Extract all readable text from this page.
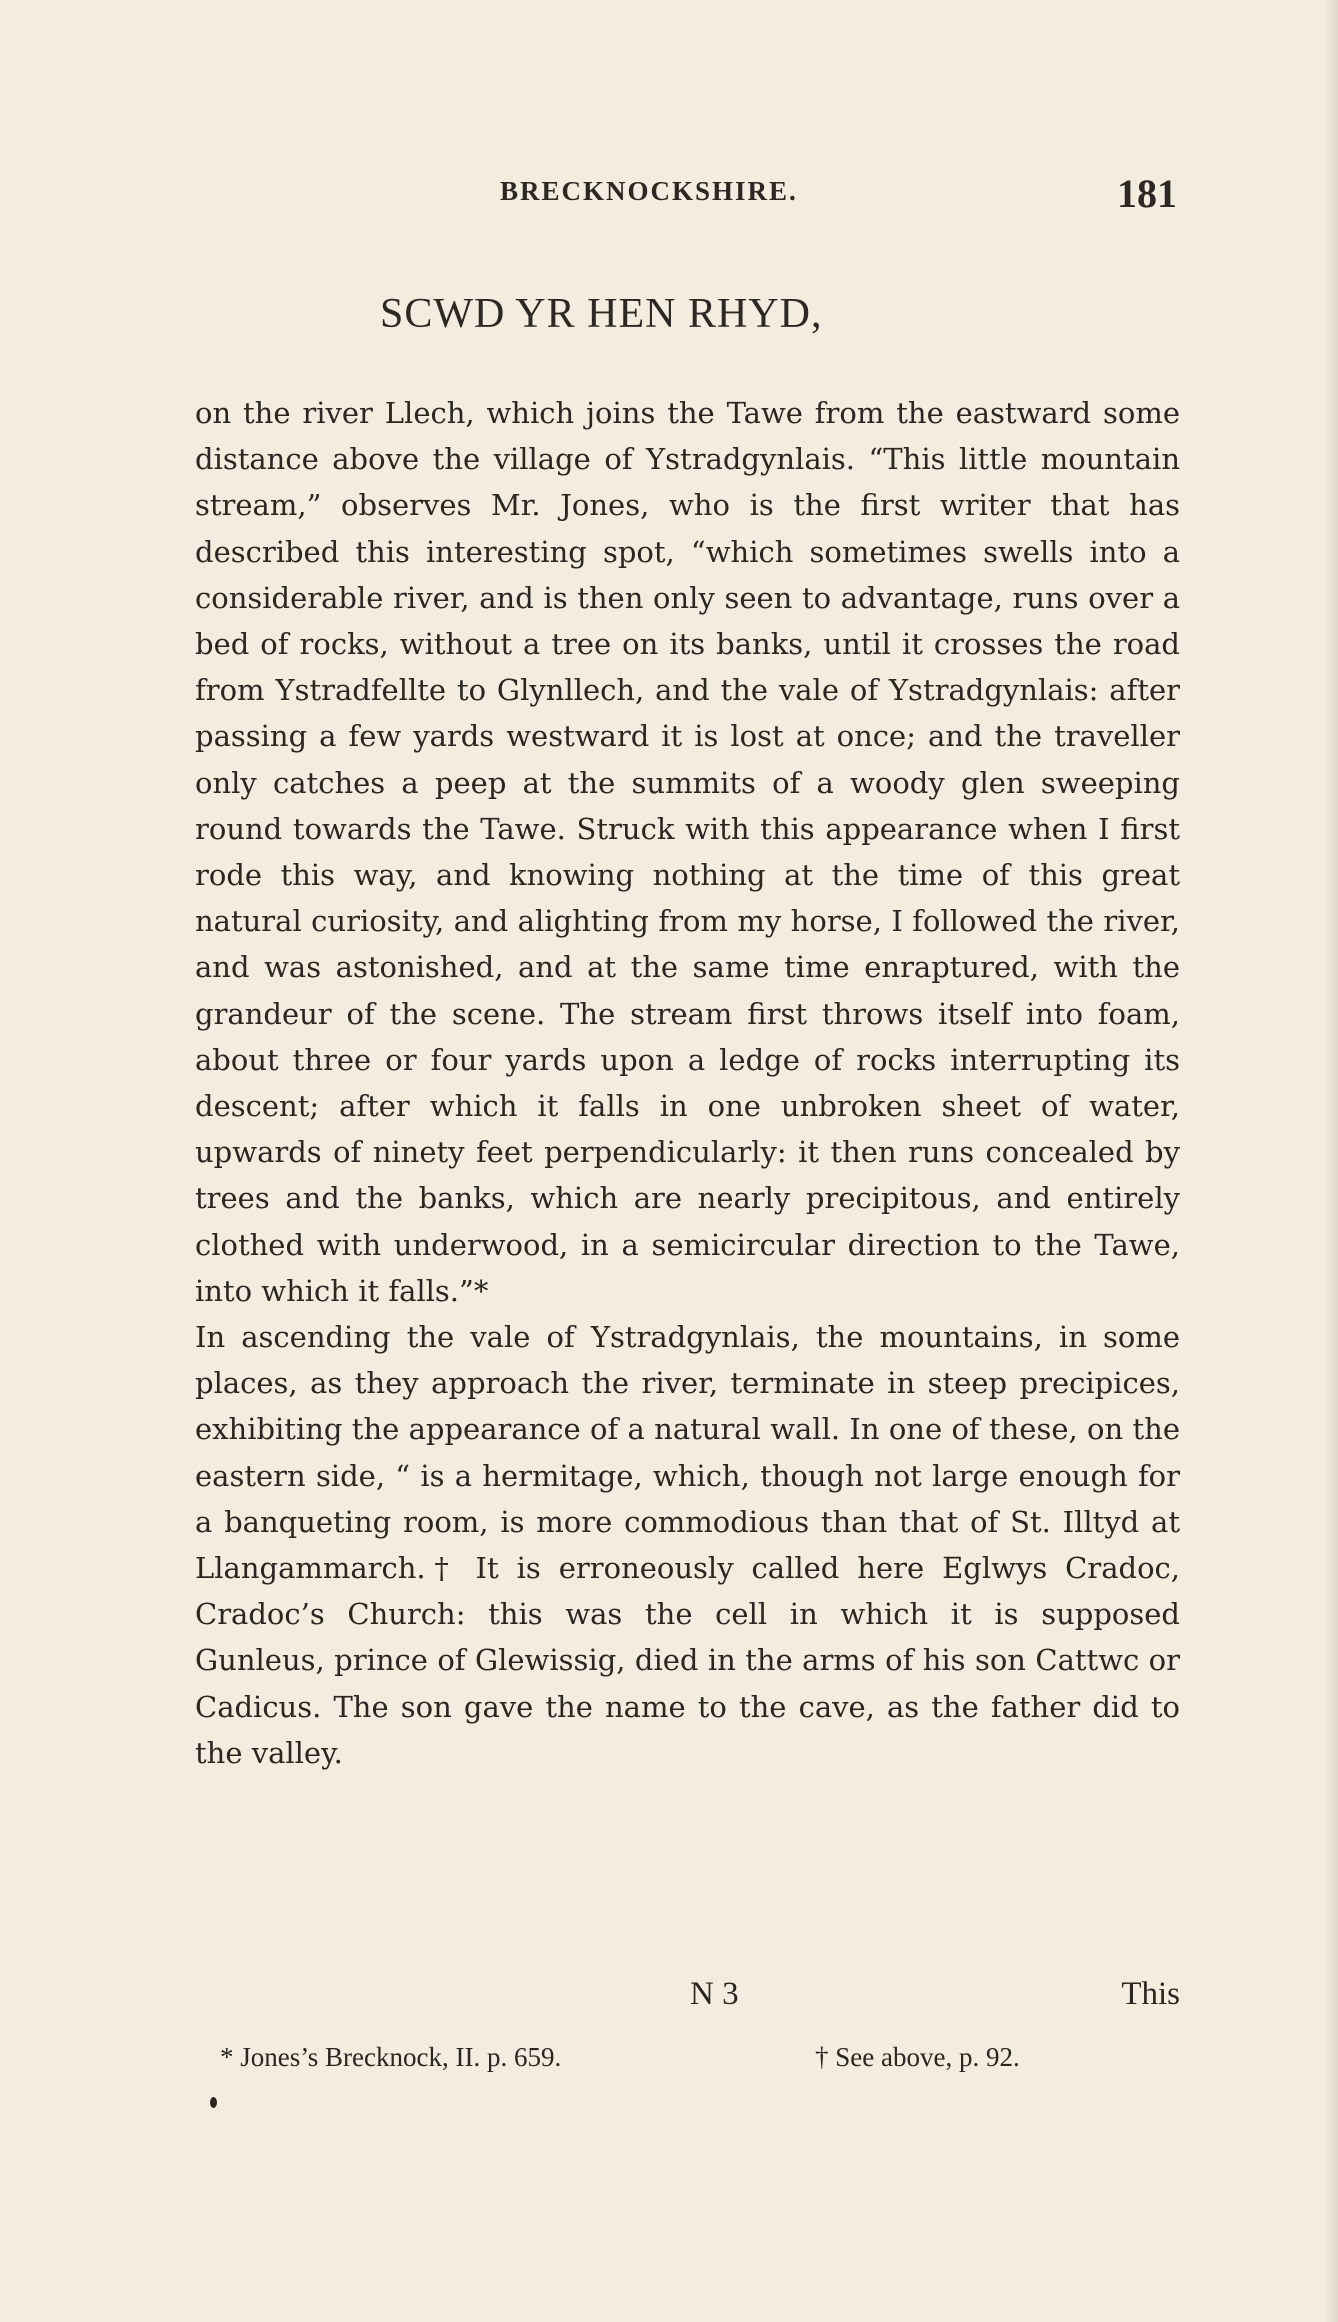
BRECKNOCKSHIRE.	181
SCWD YR HEN RHYD,

on the river Llech, which joins the Tawe from the eastward some distance above the village of Ystradgynlais. “This little mountain stream,” observes Mr. Jones, who is the first writer that has described this interesting spot, “which sometimes swells into a considerable river, and is then only seen to advantage, runs over a bed of rocks, without a tree on its banks, until it crosses the road from Ystradfellte to Glynllech, and the vale of Ystradgynlais: after passing a few yards westward it is lost at once; and the traveller only catches a peep at the summits of a woody glen sweeping round towards the Tawe. Struck with this appearance when I first rode this way, and knowing nothing at the time of this great natural curiosity, and alighting from my horse, I followed the river, and was astonished, and at the same time enraptured, with the grandeur of the scene. The stream first throws itself into foam, about three or four yards upon a ledge of rocks interrupting its descent; after which it falls in one unbroken sheet of water, upwards of ninety feet perpendicularly: it then runs concealed by trees and the banks, which are nearly precipitous, and entirely clothed with underwood, in a semicircular direction to the Tawe, into which it falls.”*

In ascending the vale of Ystradgynlais, the mountains, in some places, as they approach the river, terminate in steep precipices, exhibiting the appearance of a natural wall. In one of these, on the eastern side, “ is a hermitage, which, though not large enough for a banqueting room, is more commodious than that of St. Illtyd at Llangammarch.† It is erroneously called here Eglwys Cradoc, Cradoc’s Church: this was the cell in which it is supposed Gunleus, prince of Glewissig, died in the arms of his son Cattwc or Cadicus. The son gave the name to the cave, as the father did to the valley.

N 3	This
* Jones’s Brecknock, II. p. 659.	† See above, p. 92.
